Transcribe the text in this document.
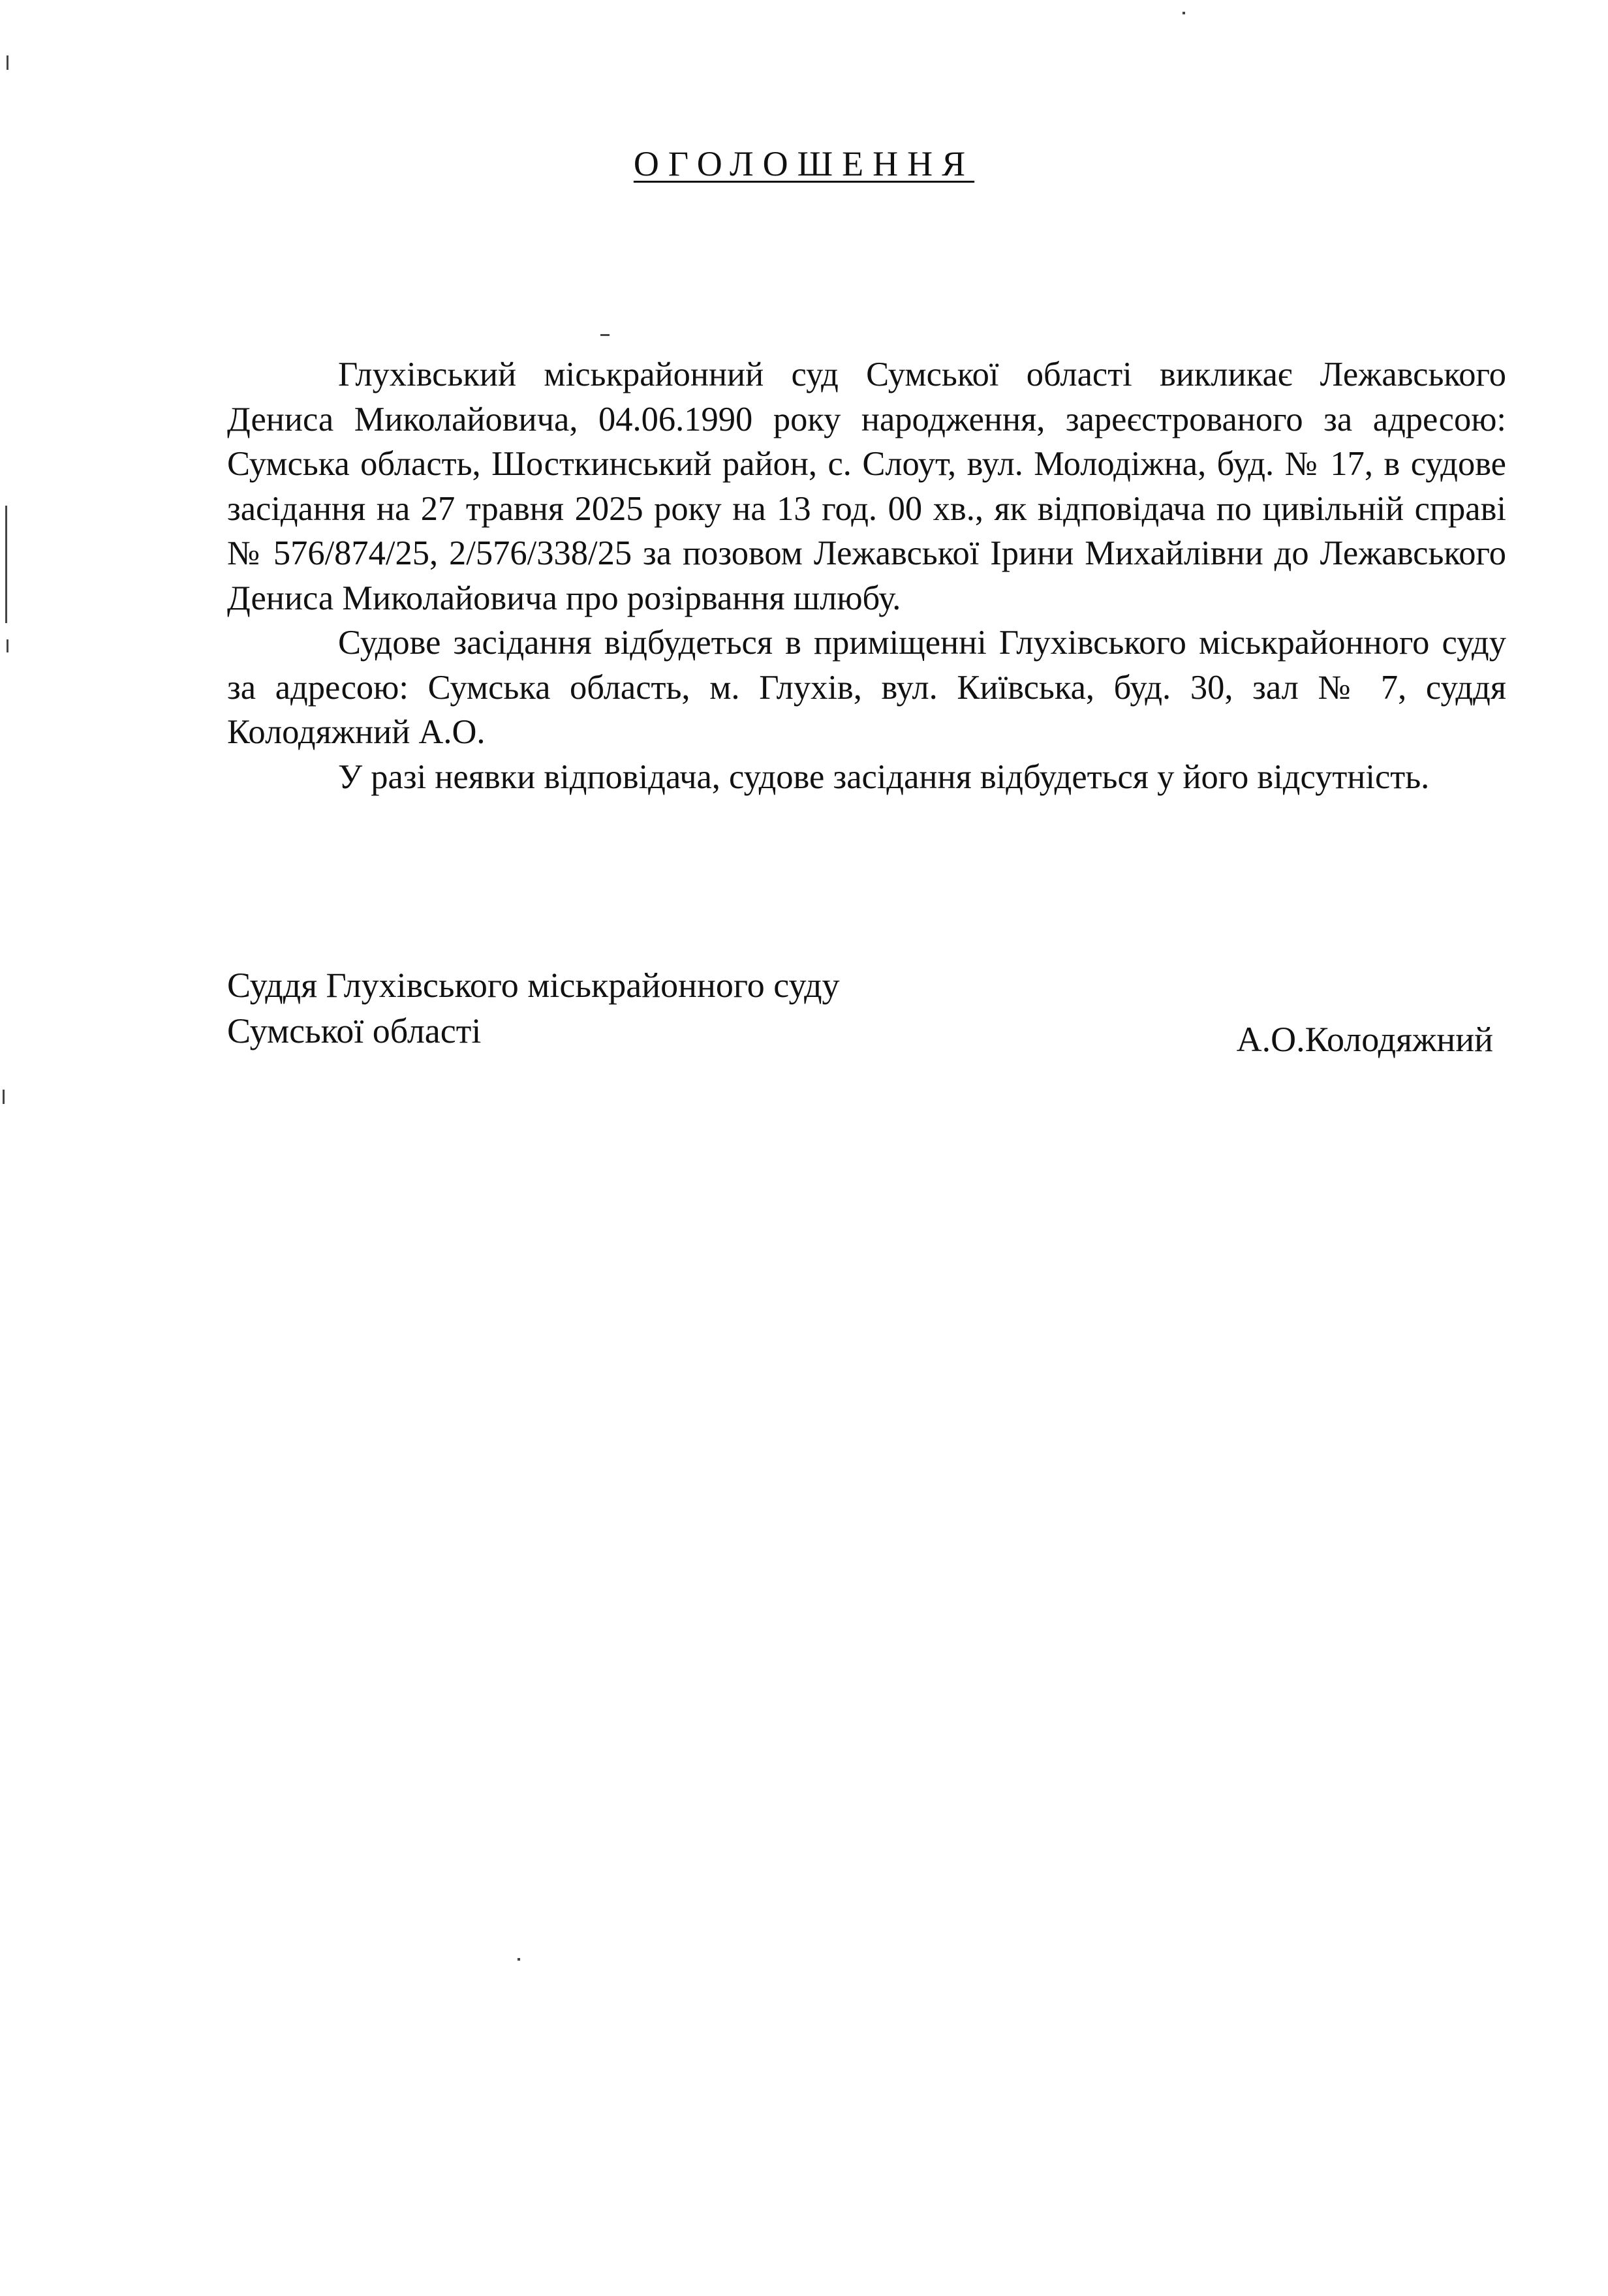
ОГОЛОШЕННЯ

Глухівський міськрайонний суд Сумської області викликає Лежавського Дениса Миколайовича, 04.06.1990 року народження, зареєстрованого за адресою: Сумська область, Шосткинський район, с. Слоут, вул. Молодіжна, буд. № 17, в судове засідання на 27 травня 2025 року на 13 год. 00 хв., як відповідача по цивільній справі № 576/874/25, 2/576/338/25 за позовом Лежавської Ірини Михайлівни до Лежавського Дениса Миколайовича про розірвання шлюбу.

Судове засідання відбудеться в приміщенні Глухівського міськрайонного суду за адресою: Сумська область, м. Глухів, вул. Київська, буд. 30, зал № 7, суддя Колодяжний А.О.

У разі неявки відповідача, судове засідання відбудеться у його відсутність.

Суддя Глухівського міськрайонного суду
Сумської області	А.О.Колодяжний
